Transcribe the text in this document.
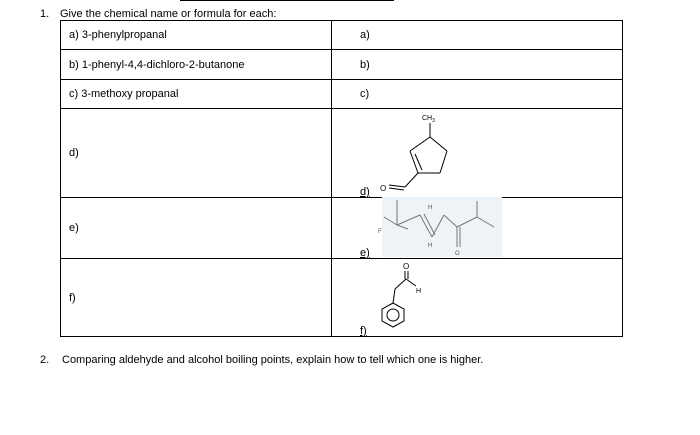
1. Give the chemical name or formula for each:
a) 3-phenylpropanal	a)
b) 1-phenyl-4,4-dichloro-2-butanone	b)
c) 3-methoxy propanal	c)
d)	d)
$CH_3$
O

e)	e)
H
H
F
O

f)	f)
O
H
2. Comparing aldehyde and alcohol boiling points, explain how to tell which one is higher.
